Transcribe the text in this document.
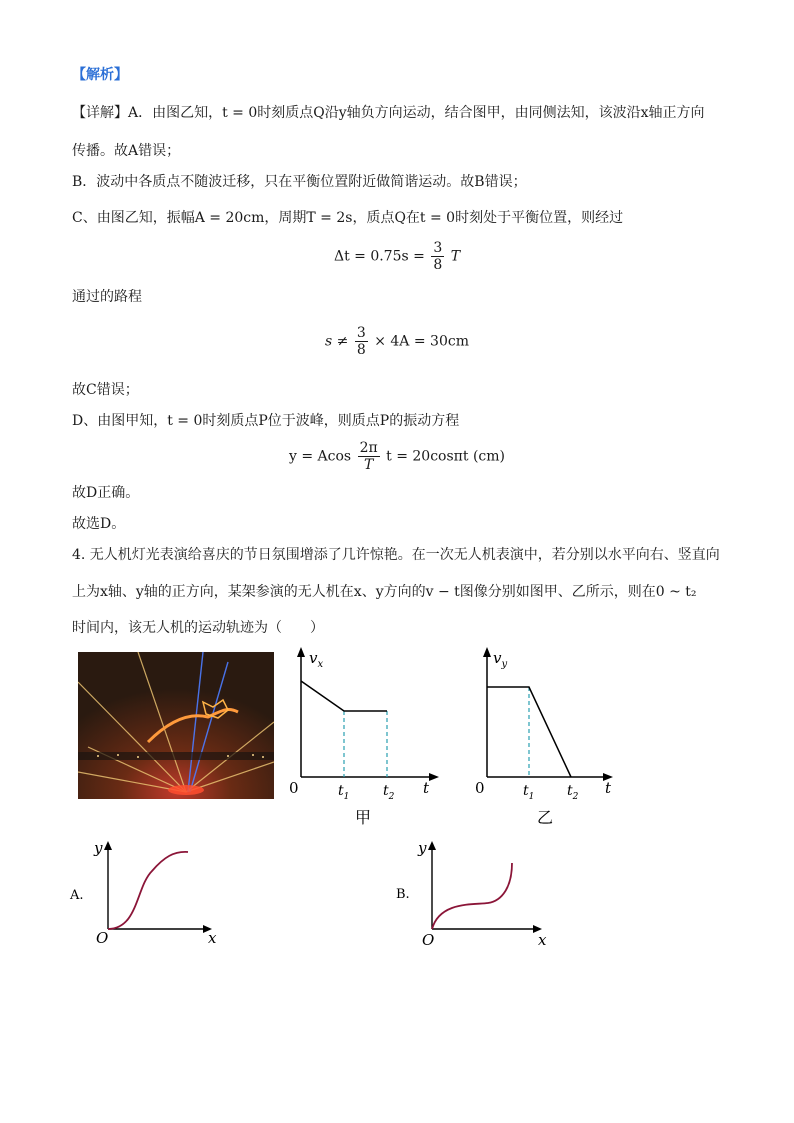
【解析】
【详解】A．由图乙知，t = 0时刻质点Q沿y轴负方向运动，结合图甲，由同侧法知，该波沿x轴正方向
传播。故A错误；
B．波动中各质点不随波迁移，只在平衡位置附近做简谐运动。故B错误；
C、由图乙知，振幅A = 20cm，周期T = 2s，质点Q在t = 0时刻处于平衡位置，则经过
$\Delta t = 0.75s = \frac{3}{8}$ T
通过的路程
$s \ne \frac{3}{8} \times 4A = 30cm$
故C错误；
D、由图甲知，t = 0时刻质点P位于波峰，则质点P的振动方程
y = Acos $\frac{2\pi}{T}$ t = 20cosπt (cm)
故D正确。
故选D。
4. 无人机灯光表演给喜庆的节日氛围增添了几许惊艳。在一次无人机表演中，若分别以水平向右、竖直向
上为x轴、y轴的正方向，某架参演的无人机在x、y方向的v − t图像分别如图甲、乙所示，则在0 ~ t₂
时间内，该无人机的运动轨迹为（　　）
$v_x$
0	t
$t_1$ $t_2$
甲
$v_y$
0	t
$t_1$ $t_2$
乙
A.
y
x
O
B.
y
x
O
